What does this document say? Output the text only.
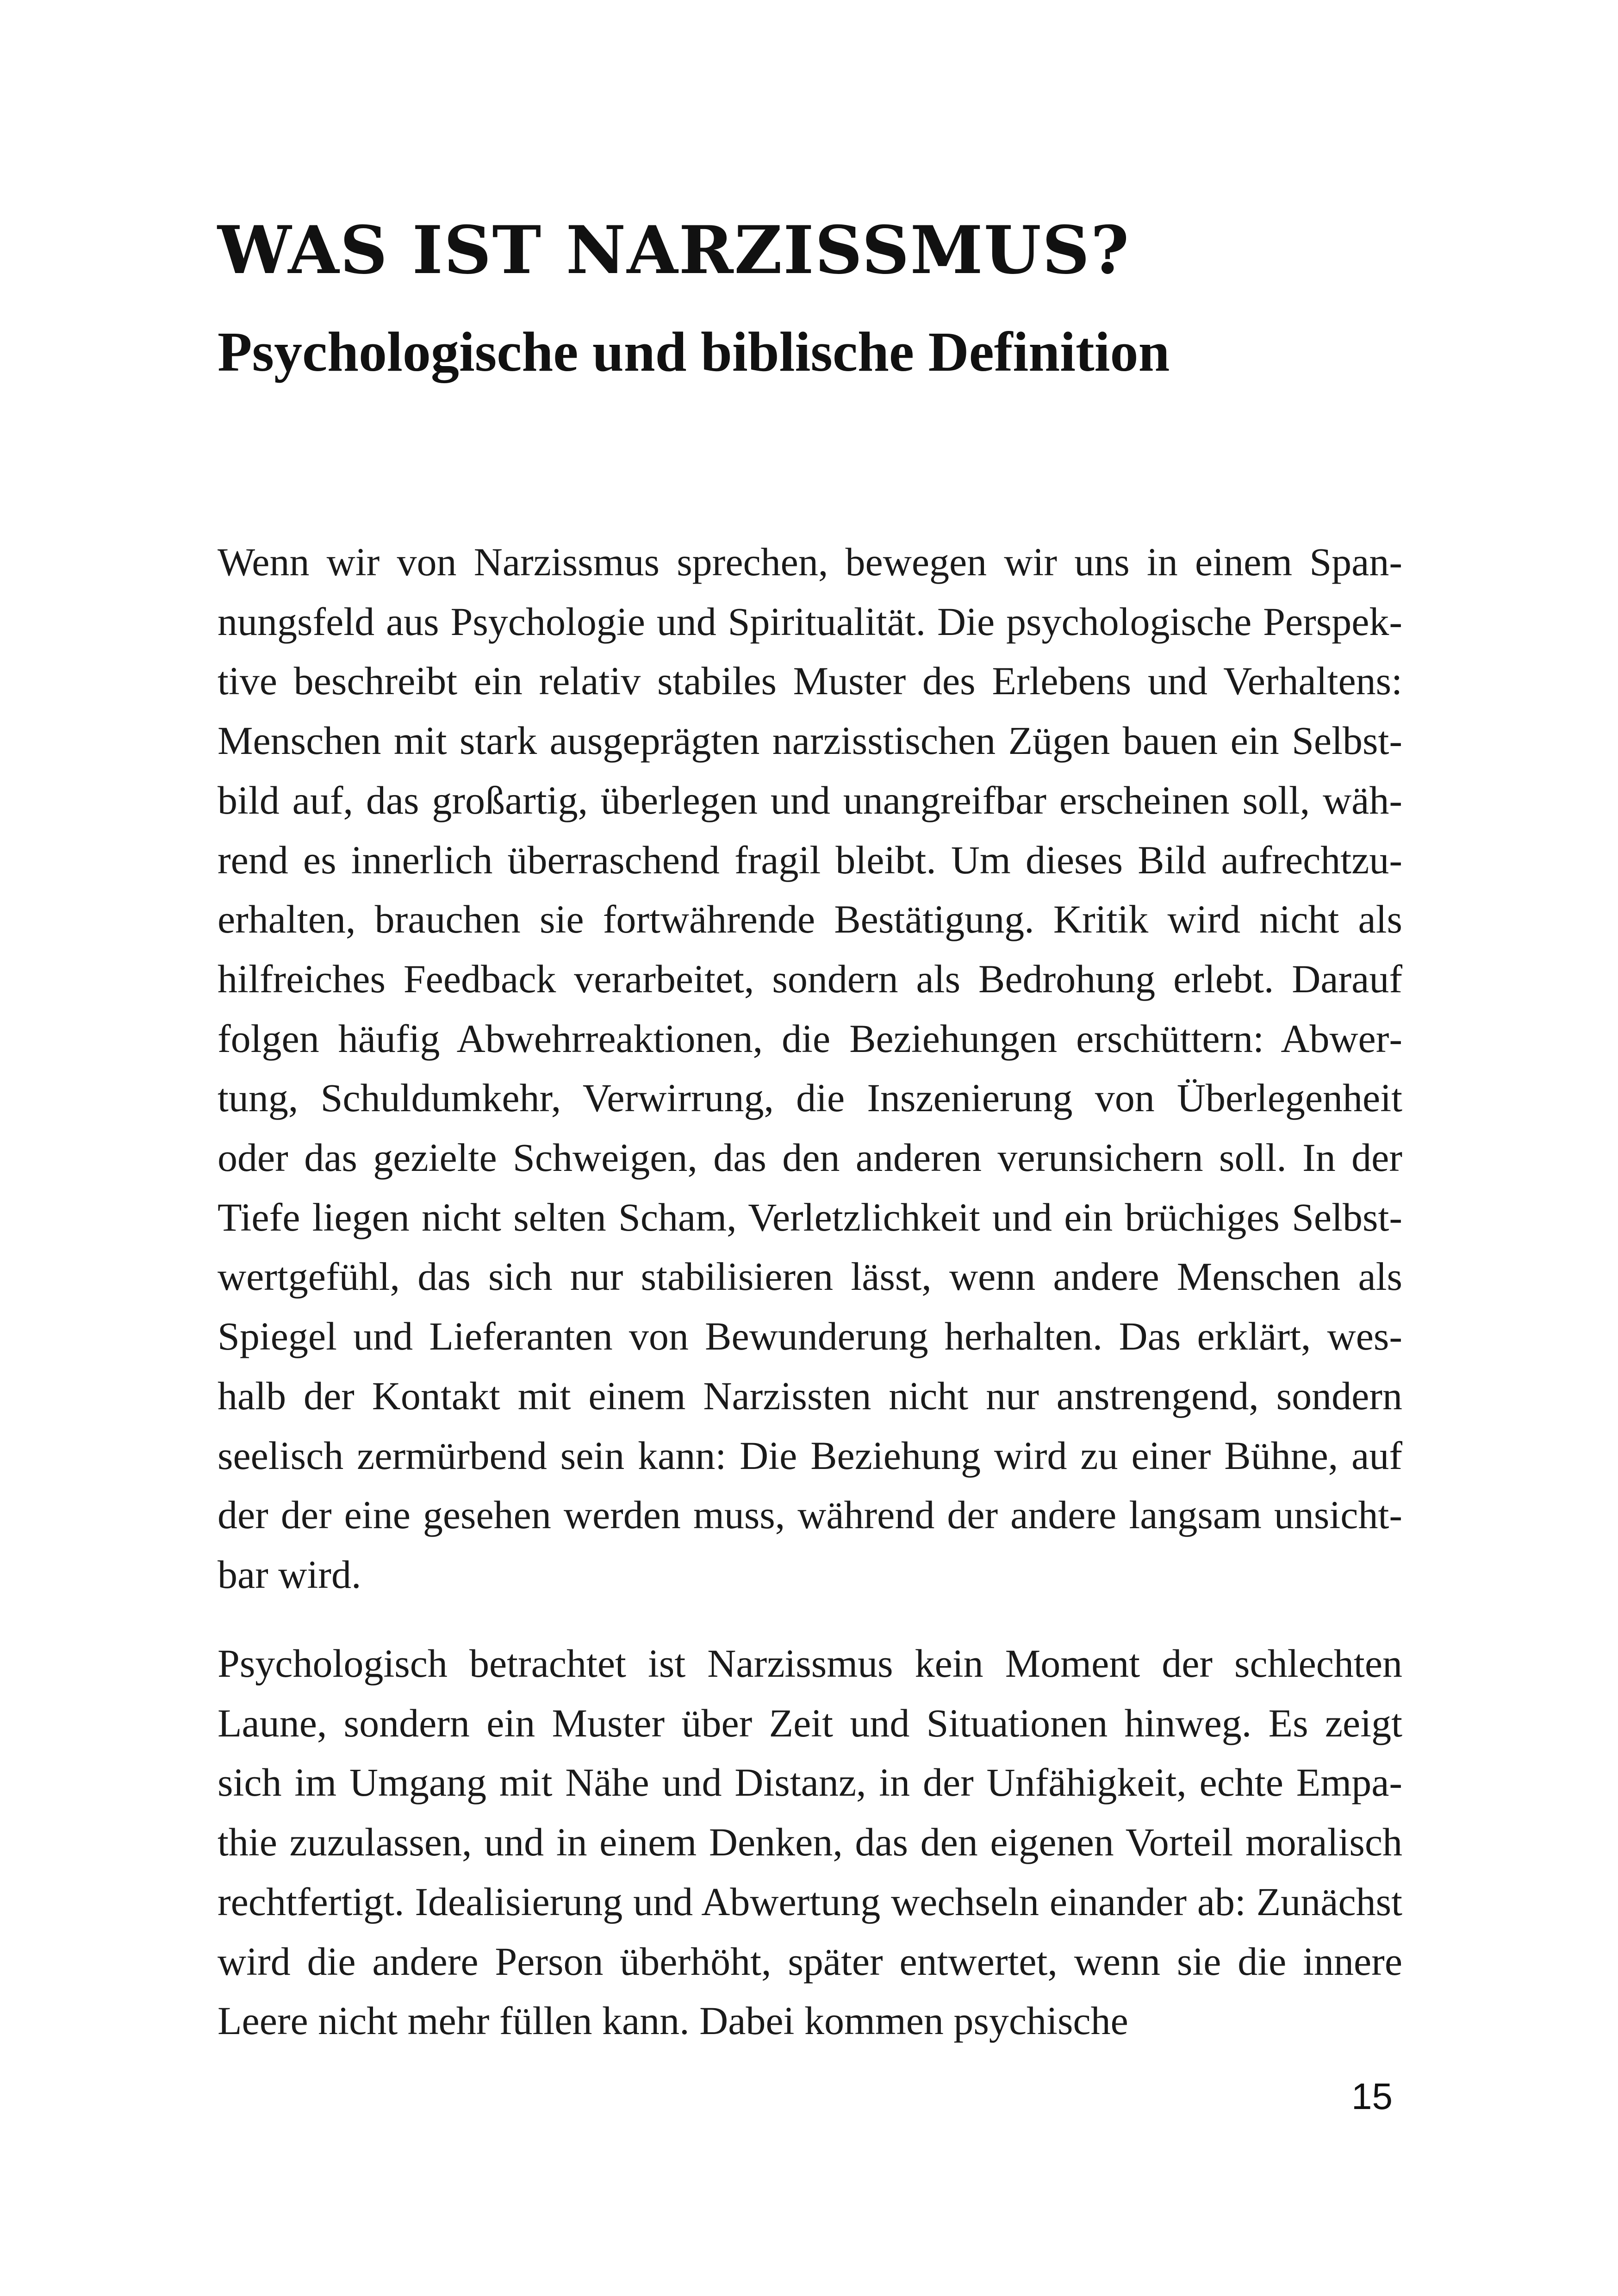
WAS IST NARZISSMUS?
Psychologische und biblische Definition

Wenn wir von Narzissmus sprechen, bewegen wir uns in einem Spannungsfeld aus Psychologie und Spiritualität. Die psychologische Perspektive beschreibt ein relativ stabiles Muster des Erlebens und Verhaltens: Menschen mit stark ausgeprägten narzisstischen Zügen bauen ein Selbstbild auf, das großartig, überlegen und unangreifbar erscheinen soll, während es innerlich überraschend fragil bleibt. Um dieses Bild aufrechtzuerhalten, brauchen sie fortwährende Bestätigung. Kritik wird nicht als hilfreiches Feedback verarbeitet, sondern als Bedrohung erlebt. Darauf folgen häufig Abwehrreaktionen, die Beziehungen erschüttern: Abwertung, Schuldumkehr, Verwirrung, die Inszenierung von Überlegenheit oder das gezielte Schweigen, das den anderen verunsichern soll. In der Tiefe liegen nicht selten Scham, Verletzlichkeit und ein brüchiges Selbstwertgefühl, das sich nur stabilisieren lässt, wenn andere Menschen als Spiegel und Lieferanten von Bewunderung herhalten. Das erklärt, weshalb der Kontakt mit einem Narzissten nicht nur anstrengend, sondern seelisch zermürbend sein kann: Die Beziehung wird zu einer Bühne, auf der der eine gesehen werden muss, während der andere langsam unsichtbar wird.

Psychologisch betrachtet ist Narzissmus kein Moment der schlechten Laune, sondern ein Muster über Zeit und Situationen hinweg. Es zeigt sich im Umgang mit Nähe und Distanz, in der Unfähigkeit, echte Empathie zuzulassen, und in einem Denken, das den eigenen Vorteil moralisch rechtfertigt. Idealisierung und Abwertung wechseln einander ab: Zunächst wird die andere Person überhöht, später entwertet, wenn sie die innere Leere nicht mehr füllen kann. Dabei kommen psychische

15
